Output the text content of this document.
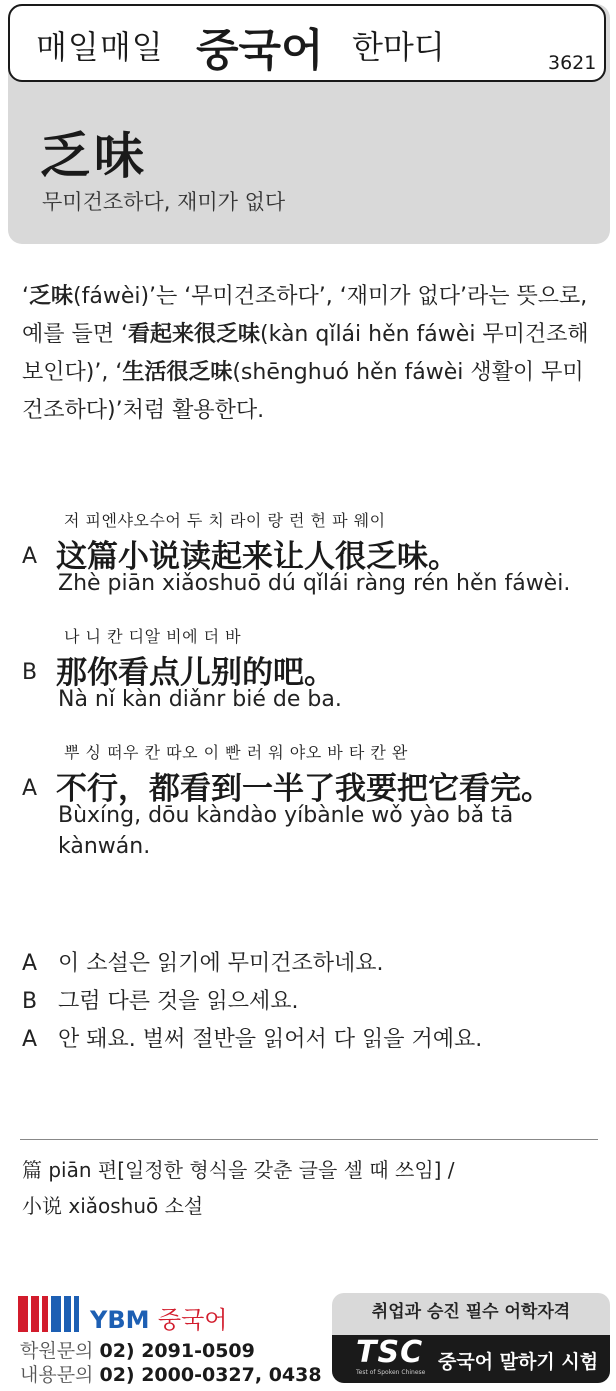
매일매일 중국어 한마디	3621
乏味
무미건조하다, 재미가 없다
‘乏味(fáwèi)’는 ‘무미건조하다’, ‘재미가 없다’라는 뜻으로, 예를 들면 ‘看起来很乏味(kàn qǐlái hěn fáwèi 무미건조해 보인다)’, ‘生活很乏味(shēnghuó hěn fáwèi 생활이 무미건조하다)’처럼 활용한다.
저 피엔샤오수어 두 치 라이 랑 런 헌 파 웨이
A 这篇小说读起来让人很乏味。
Zhè piān xiǎoshuō dú qǐlái ràng rén hěn fáwèi.
나 니 칸 디알 비에 더 바
B 那你看点儿别的吧。
Nà nǐ kàn diǎnr bié de ba.
뿌 싱 떠우 칸 따오 이 빤 러 워 야오 바 타 칸 완
A 不行，都看到一半了我要把它看完。
Bùxíng, dōu kàndào yíbànle wǒ yào bǎ tā kànwán.
A 이 소설은 읽기에 무미건조하네요.
B 그럼 다른 것을 읽으세요.
A 안 돼요. 벌써 절반을 읽어서 다 읽을 거예요.
篇 piān 편[일정한 형식을 갖춘 글을 셀 때 쓰임] /
小说 xiǎoshuō 소설
YBM 중국어
학원문의 02) 2091-0509
내용문의 02) 2000-0327, 0438
취업과 승진 필수 어학자격
TSC
Test of Spoken Chinese 중국어 말하기 시험
